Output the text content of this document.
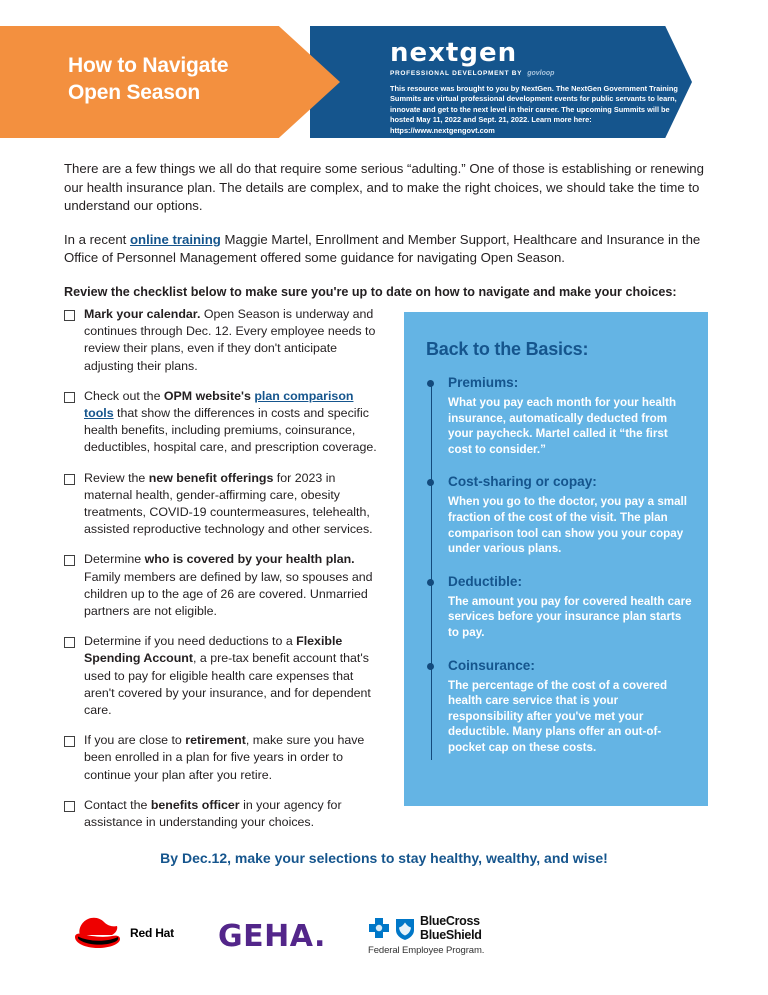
How to Navigate
Open Season
nextgen
PROFESSIONAL DEVELOPMENT BY govloop
This resource was brought to you by NextGen. The NextGen Government Training Summits are virtual professional development events for public servants to learn, innovate and get to the next level in their career. The upcoming Summits will be hosted May 11, 2022 and Sept. 21, 2022. Learn more here: https://www.nextgengovt.com

There are a few things we all do that require some serious “adulting.” One of those is establishing or renewing our health insurance plan. The details are complex, and to make the right choices, we should take the time to understand our options.

In a recent online training Maggie Martel, Enrollment and Member Support, Healthcare and Insurance in the Office of Personnel Management offered some guidance for navigating Open Season.

Review the checklist below to make sure you're up to date on how to navigate and make your choices:

Mark your calendar. Open Season is underway and continues through Dec. 12. Every employee needs to review their plans, even if they don't anticipate adjusting their plans.
Check out the OPM website's plan comparison tools that show the differences in costs and specific health benefits, including premiums, coinsurance, deductibles, hospital care, and prescription coverage.
Review the new benefit offerings for 2023 in maternal health, gender-affirming care, obesity treatments, COVID-19 countermeasures, telehealth, assisted reproductive technology and other services.
Determine who is covered by your health plan. Family members are defined by law, so spouses and children up to the age of 26 are covered. Unmarried partners are not eligible.
Determine if you need deductions to a Flexible Spending Account, a pre-tax benefit account that's used to pay for eligible health care expenses that aren't covered by your insurance, and for dependent care.
If you are close to retirement, make sure you have been enrolled in a plan for five years in order to continue your plan after you retire.
Contact the benefits officer in your agency for assistance in understanding your choices.
Back to the Basics:
Premiums:
What you pay each month for your health insurance, automatically deducted from your paycheck. Martel called it “the first cost to consider.”
Cost-sharing or copay:
When you go to the doctor, you pay a small fraction of the cost of the visit. The plan comparison tool can show you your copay under various plans.
Deductible:
The amount you pay for covered health care services before your insurance plan starts to pay.
Coinsurance:
The percentage of the cost of a covered health care service that is your responsibility after you've met your deductible. Many plans offer an out-of-pocket cap on these costs.
By Dec.12, make your selections to stay healthy, wealthy, and wise!
Red Hat GEHA.	BlueCross
BlueShield
Federal Employee Program.
